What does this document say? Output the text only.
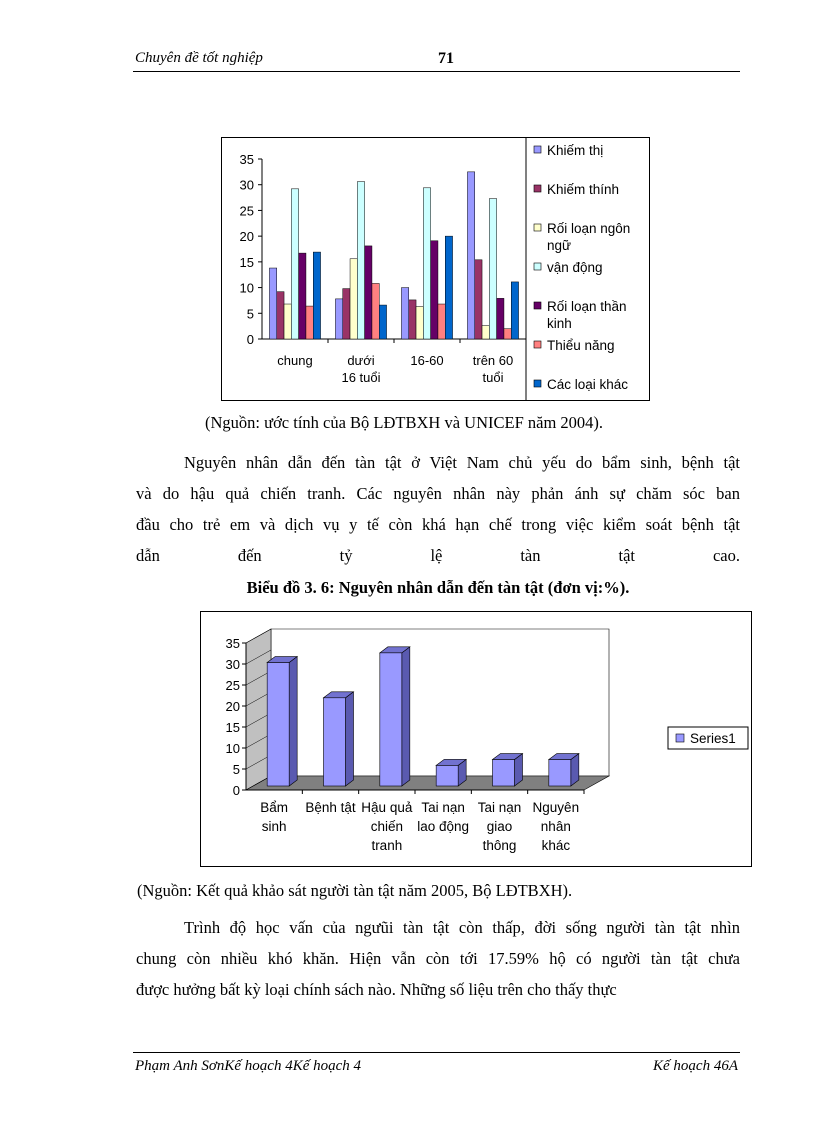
Chuyên đề tốt nghiệp	71
0
5
10
15
20
25
30
35
chung	dưới
16 tuổi
16-60 trên 60
tuổi
Khiếm thị
Khiếm thính
Rối loạn ngôn
ngữ
vận động
Rối loạn thần
kinh
Thiểu năng
Các loại khác
(Nguồn: ước tính của Bộ LĐTBXH và UNICEF năm 2004).
Nguyên nhân dẫn đến tàn tật ở Việt Nam chủ yếu do bẩm sinh, bệnh tật
và do hậu quả chiến tranh. Các nguyên nhân này phản ánh sự chăm sóc ban
đầu cho trẻ em và dịch vụ y tế còn khá hạn chế trong việc kiểm soát bệnh tật
dẫn đến tỷ lệ tàn tật cao.
Biểu đồ 3. 6: Nguyên nhân dẫn đến tàn tật (đơn vị:%).
0
5
10
15
20
25
30
35
Bẩm
sinh
Bệnh tật Hậu quả
chiến
tranh
Tai nạn
lao động
Tai nạn
giao
thông
Nguyên
nhân
khác
Series1
(Nguồn: Kết quả khảo sát người tàn tật năm 2005, Bộ LĐTBXH).
Trình độ học vấn của ngưũi tàn tật còn thấp, đời sống người tàn tật nhìn
chung còn nhiều khó khăn. Hiện vẫn còn tới 17.59% hộ có người tàn tật chưa
được hưởng bất kỳ loại chính sách nào. Những số liệu trên cho thấy thực
Phạm Anh SơnKế hoạch 4Kế hoạch 4	Kế hoạch 46A
